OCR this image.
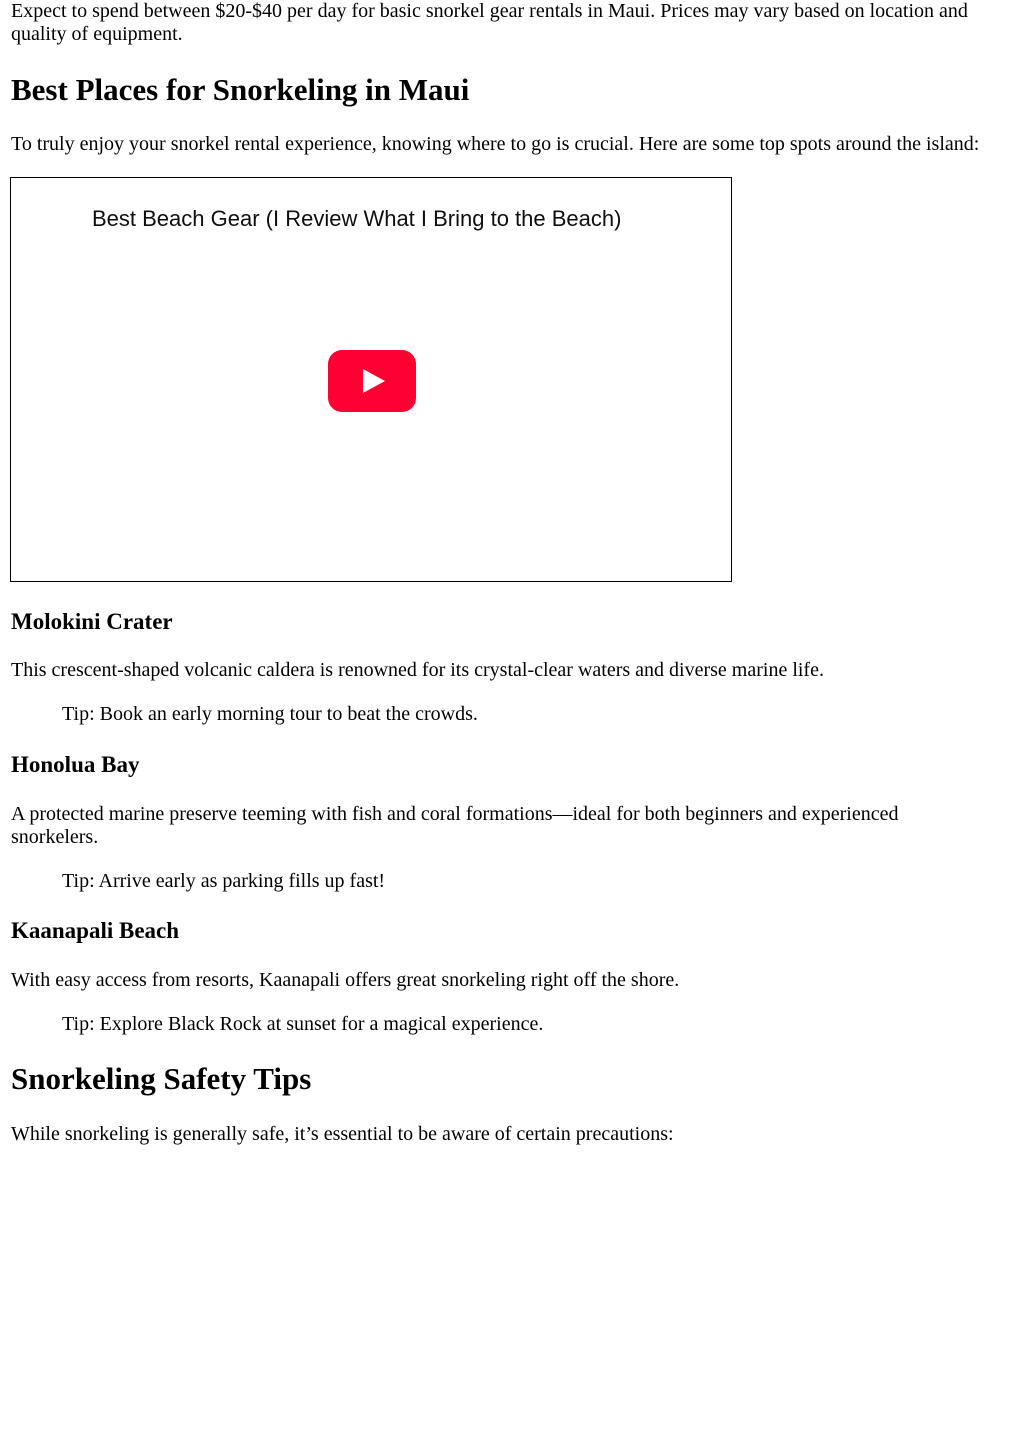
Expect to spend between $20-$40 per day for basic snorkel gear rentals in Maui. Prices may vary based on location and quality of equipment.

Best Places for Snorkeling in Maui

To truly enjoy your snorkel rental experience, knowing where to go is crucial. Here are some top spots around the island:

Best Beach Gear (I Review What I Bring to the Beach)
Molokini Crater

This crescent-shaped volcanic caldera is renowned for its crystal-clear waters and diverse marine life.

Tip: Book an early morning tour to beat the crowds.
Honolua Bay

A protected marine preserve teeming with fish and coral formations—ideal for both beginners and experienced snorkelers.

Tip: Arrive early as parking fills up fast!
Kaanapali Beach

With easy access from resorts, Kaanapali offers great snorkeling right off the shore.

Tip: Explore Black Rock at sunset for a magical experience.
Snorkeling Safety Tips

While snorkeling is generally safe, it’s essential to be aware of certain precautions:
